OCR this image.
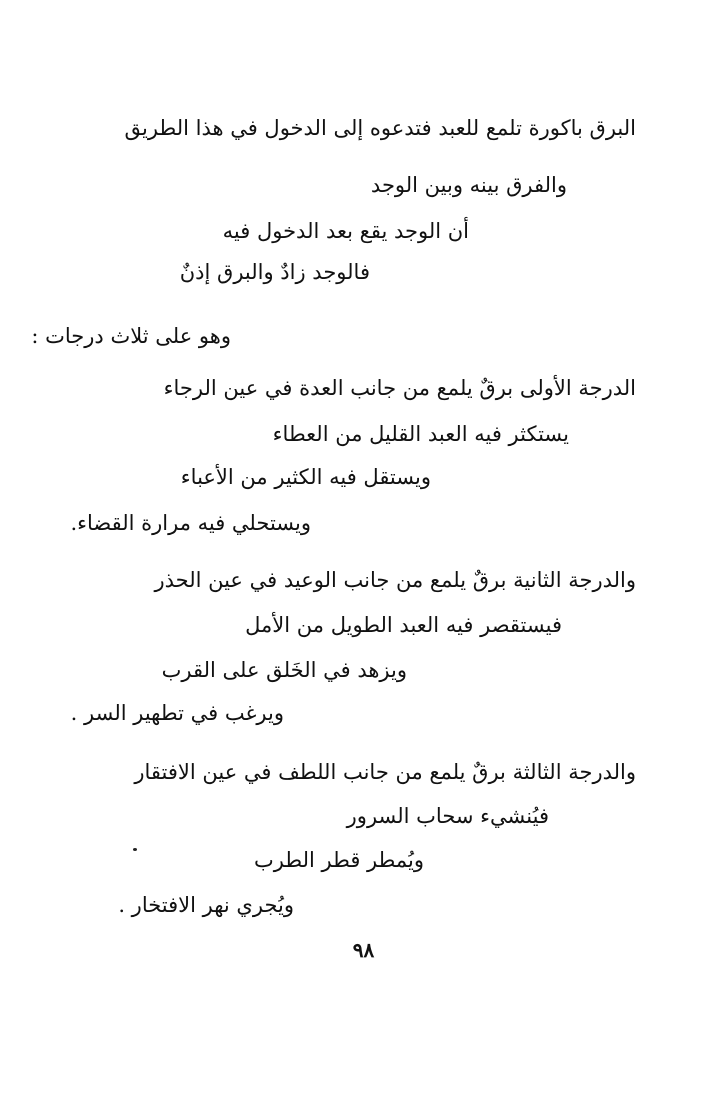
البرق باكورة تلمع للعبد فتدعوه إلى الدخول في هذا الطريق
والفرق بينه وبين الوجد
أن الوجد يقع بعد الدخول فيه
فالوجد زادٌ والبرق إذنٌ
وهو على ثلاث درجات :
الدرجة الأولى برقٌ يلمع من جانب العدة في عين الرجاء
يستكثر فيه العبد القليل من العطاء
ويستقل فيه الكثير من الأعباء
ويستحلي فيه مرارة القضاء.
والدرجة الثانية برقٌ يلمع من جانب الوعيد في عين الحذر
فيستقصر فيه العبد الطويل من الأمل
ويزهد في الخَلق على القرب
ويرغب في تطهير السر .
والدرجة الثالثة برقٌ يلمع من جانب اللطف في عين الافتقار
فيُنشيء سحاب السرور
ويُمطر قطر الطرب
ويُجري نهر الافتخار .
٩٨
